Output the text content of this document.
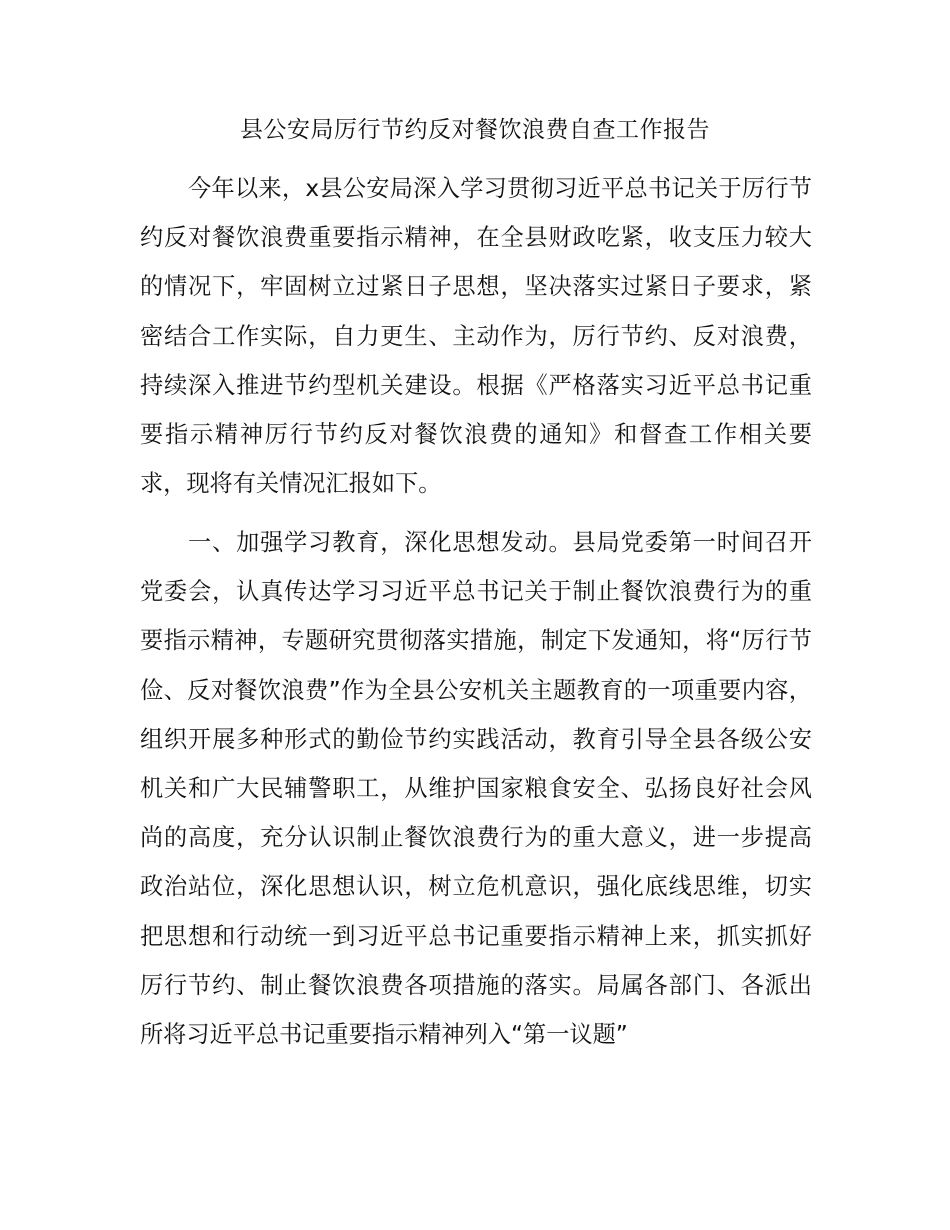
县公安局厉行节约反对餐饮浪费自查工作报告

今年以来，x县公安局深入学习贯彻习近平总书记关于厉行节约反对餐饮浪费重要指示精神，在全县财政吃紧，收支压力较大的情况下，牢固树立过紧日子思想，坚决落实过紧日子要求，紧密结合工作实际，自力更生、主动作为，厉行节约、反对浪费，持续深入推进节约型机关建设。根据《严格落实习近平总书记重要指示精神厉行节约反对餐饮浪费的通知》和督查工作相关要求，现将有关情况汇报如下。

一、加强学习教育，深化思想发动。县局党委第一时间召开党委会，认真传达学习习近平总书记关于制止餐饮浪费行为的重要指示精神，专题研究贯彻落实措施，制定下发通知，将“厉行节俭、反对餐饮浪费”作为全县公安机关主题教育的一项重要内容，组织开展多种形式的勤俭节约实践活动，教育引导全县各级公安机关和广大民辅警职工，从维护国家粮食安全、弘扬良好社会风尚的高度，充分认识制止餐饮浪费行为的重大意义，进一步提高政治站位，深化思想认识，树立危机意识，强化底线思维，切实把思想和行动统一到习近平总书记重要指示精神上来，抓实抓好厉行节约、制止餐饮浪费各项措施的落实。局属各部门、各派出所将习近平总书记重要指示精神列入“第一议题”
